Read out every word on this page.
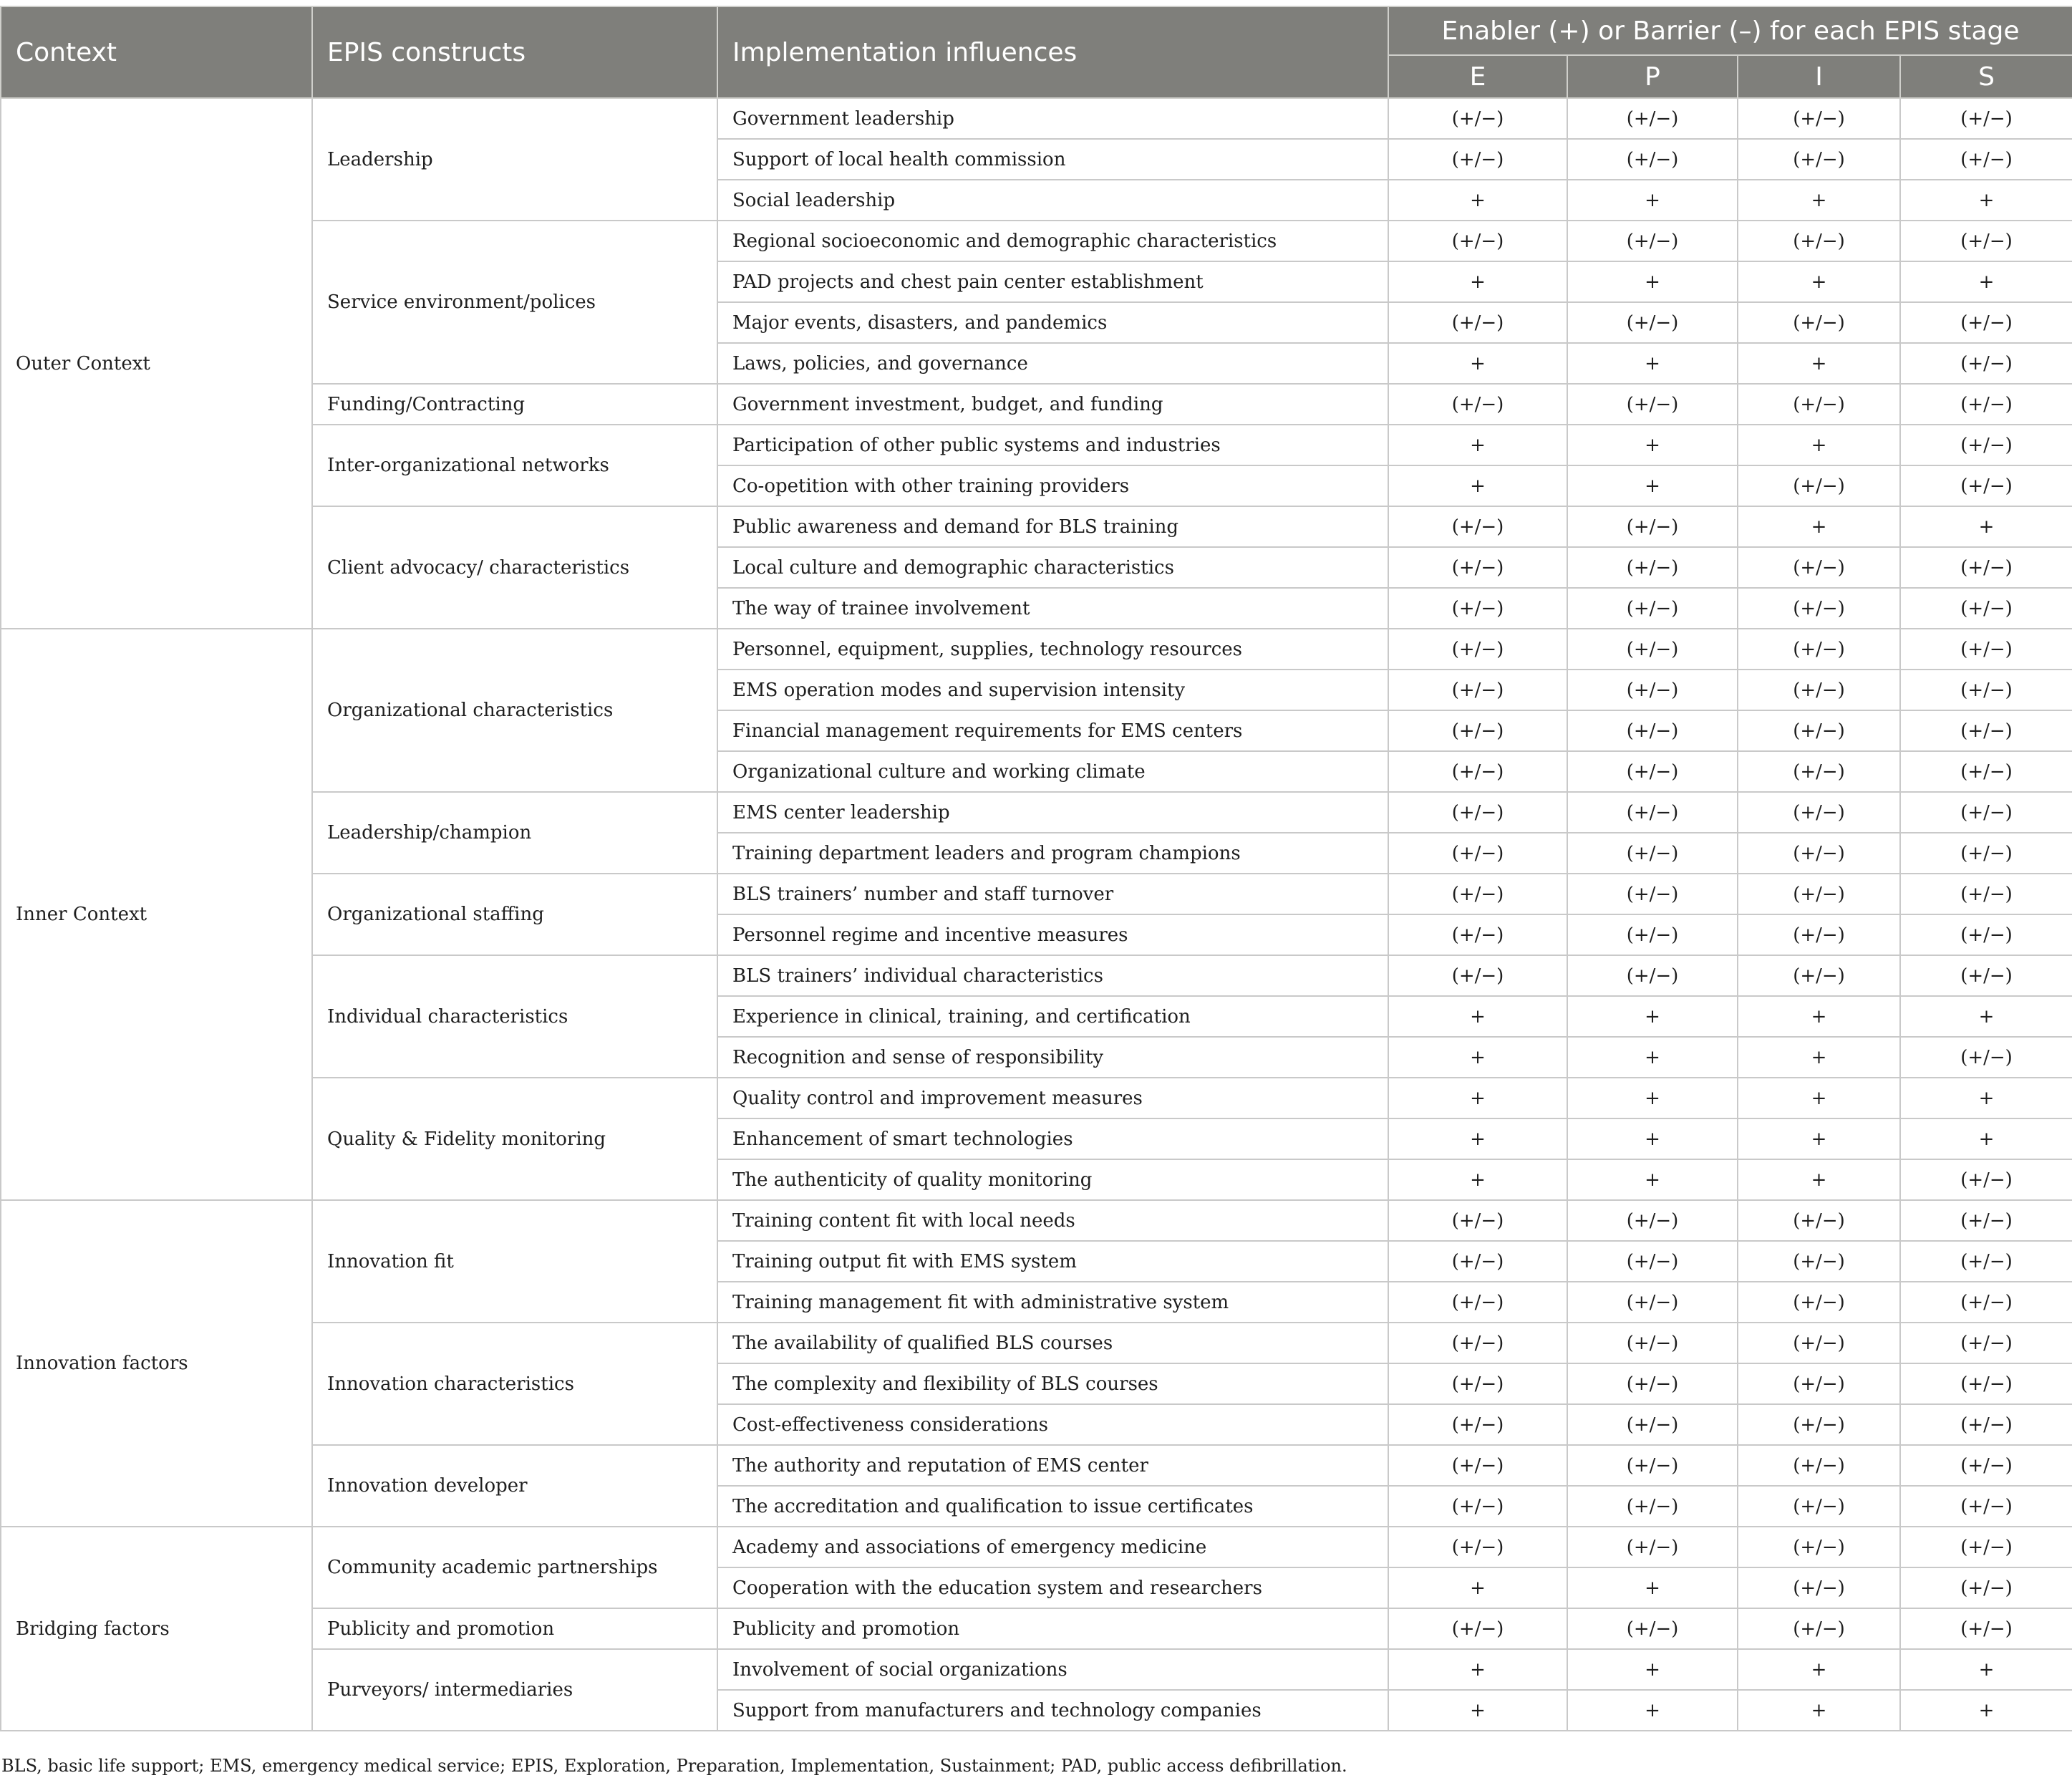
Context	EPIS constructs	Implementation influences	Enabler (+) or Barrier (–) for each EPIS stage			
			E	P	I	S
Outer Context	Leadership	Government leadership	(+/−)	(+/−)	(+/−)	(+/−)
		Support of local health commission	(+/−)	(+/−)	(+/−)	(+/−)
		Social leadership	+	+	+	+
	Service environment/polices	Regional socioeconomic and demographic characteristics	(+/−)	(+/−)	(+/−)	(+/−)
		PAD projects and chest pain center establishment	+	+	+	+
		Major events, disasters, and pandemics	(+/−)	(+/−)	(+/−)	(+/−)
		Laws, policies, and governance	+	+	+	(+/−)
	Funding/Contracting	Government investment, budget, and funding	(+/−)	(+/−)	(+/−)	(+/−)
	Inter-organizational networks	Participation of other public systems and industries	+	+	+	(+/−)
		Co-opetition with other training providers	+	+	(+/−)	(+/−)
	Client advocacy/ characteristics	Public awareness and demand for BLS training	(+/−)	(+/−)	+	+
		Local culture and demographic characteristics	(+/−)	(+/−)	(+/−)	(+/−)
		The way of trainee involvement	(+/−)	(+/−)	(+/−)	(+/−)
Inner Context	Organizational characteristics	Personnel, equipment, supplies, technology resources	(+/−)	(+/−)	(+/−)	(+/−)
		EMS operation modes and supervision intensity	(+/−)	(+/−)	(+/−)	(+/−)
		Financial management requirements for EMS centers	(+/−)	(+/−)	(+/−)	(+/−)
		Organizational culture and working climate	(+/−)	(+/−)	(+/−)	(+/−)
	Leadership/champion	EMS center leadership	(+/−)	(+/−)	(+/−)	(+/−)
		Training department leaders and program champions	(+/−)	(+/−)	(+/−)	(+/−)
	Organizational staffing	BLS trainers’ number and staff turnover	(+/−)	(+/−)	(+/−)	(+/−)
		Personnel regime and incentive measures	(+/−)	(+/−)	(+/−)	(+/−)
	Individual characteristics	BLS trainers’ individual characteristics	(+/−)	(+/−)	(+/−)	(+/−)
		Experience in clinical, training, and certification	+	+	+	+
		Recognition and sense of responsibility	+	+	+	(+/−)
	Quality & Fidelity monitoring	Quality control and improvement measures	+	+	+	+
		Enhancement of smart technologies	+	+	+	+
		The authenticity of quality monitoring	+	+	+	(+/−)
Innovation factors	Innovation fit	Training content fit with local needs	(+/−)	(+/−)	(+/−)	(+/−)
		Training output fit with EMS system	(+/−)	(+/−)	(+/−)	(+/−)
		Training management fit with administrative system	(+/−)	(+/−)	(+/−)	(+/−)
	Innovation characteristics	The availability of qualified BLS courses	(+/−)	(+/−)	(+/−)	(+/−)
		The complexity and flexibility of BLS courses	(+/−)	(+/−)	(+/−)	(+/−)
		Cost-effectiveness considerations	(+/−)	(+/−)	(+/−)	(+/−)
	Innovation developer	The authority and reputation of EMS center	(+/−)	(+/−)	(+/−)	(+/−)
		The accreditation and qualification to issue certificates	(+/−)	(+/−)	(+/−)	(+/−)
Bridging factors	Community academic partnerships	Academy and associations of emergency medicine	(+/−)	(+/−)	(+/−)	(+/−)
		Cooperation with the education system and researchers	+	+	(+/−)	(+/−)
	Publicity and promotion	Publicity and promotion	(+/−)	(+/−)	(+/−)	(+/−)
	Purveyors/ intermediaries	Involvement of social organizations	+	+	+	+
		Support from manufacturers and technology companies	+	+	+	+
BLS, basic life support; EMS, emergency medical service; EPIS, Exploration, Preparation, Implementation, Sustainment; PAD, public access defibrillation.
